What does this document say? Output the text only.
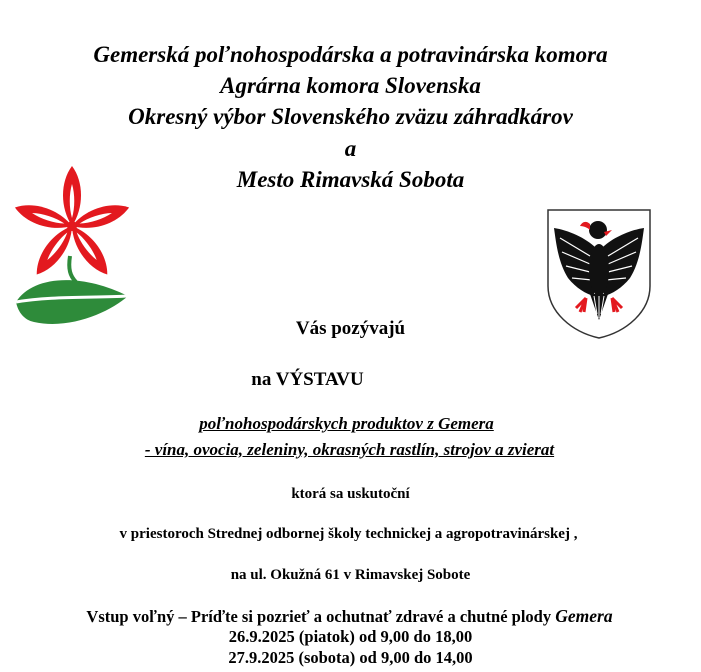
Gemerská poľnohospodárska a potravinárska komora
Agrárna komora Slovenska
Okresný výbor Slovenského zväzu záhradkárov
a
Mesto Rimavská Sobota
Vás pozývajú
na VÝSTAVU
poľnohospodárskych produktov z Gemera
- vína, ovocia, zeleniny, okrasných rastlín, strojov a zvierat
ktorá sa uskutoční
v priestoroch Strednej odbornej školy technickej a agropotravinárskej ,
na ul. Okužná 61 v Rimavskej Sobote
Vstup voľný – Príďte si pozrieť a ochutnať zdravé a chutné plody Gemera
26.9.2025 (piatok) od 9,00 do 18,00
27.9.2025 (sobota) od 9,00 do 14,00
